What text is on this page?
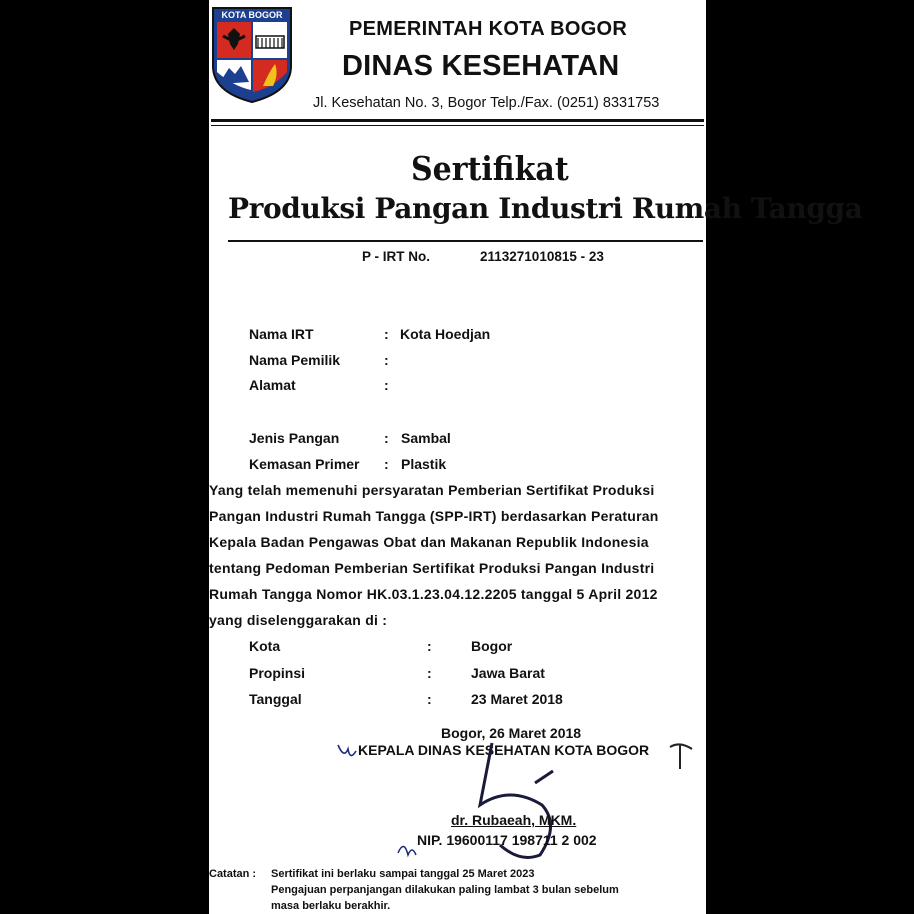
KOTA BOGOR
PEMERINTAH KOTA BOGOR
DINAS KESEHATAN
Jl. Kesehatan No. 3, Bogor Telp./Fax. (0251) 8331753
Sertifikat
Produksi Pangan Industri Rumah Tangga
P - IRT No.	2113271010815 - 23
Nama IRT	: Kota Hoedjan
Nama Pemilik	:
Alamat	:
Jenis Pangan	: Sambal
Kemasan Primer : Plastik
Yang telah memenuhi persyaratan Pemberian Sertifikat Produksi
Pangan Industri Rumah Tangga (SPP-IRT) berdasarkan Peraturan
Kepala Badan Pengawas Obat dan Makanan Republik Indonesia
tentang Pedoman Pemberian Sertifikat Produksi Pangan Industri
Rumah Tangga Nomor HK.03.1.23.04.12.2205 tanggal 5 April 2012
yang diselenggarakan di :
Kota	:	Bogor
Propinsi	:	Jawa Barat
Tanggal	:	23 Maret 2018
Bogor, 26 Maret 2018
KEPALA DINAS KESEHATAN KOTA BOGOR
dr. Rubaeah, MKM.
NIP. 19600117 198711 2 002
Catatan : Sertifikat ini berlaku sampai tanggal 25 Maret 2023
Pengajuan perpanjangan dilakukan paling lambat 3 bulan sebelum
masa berlaku berakhir.
